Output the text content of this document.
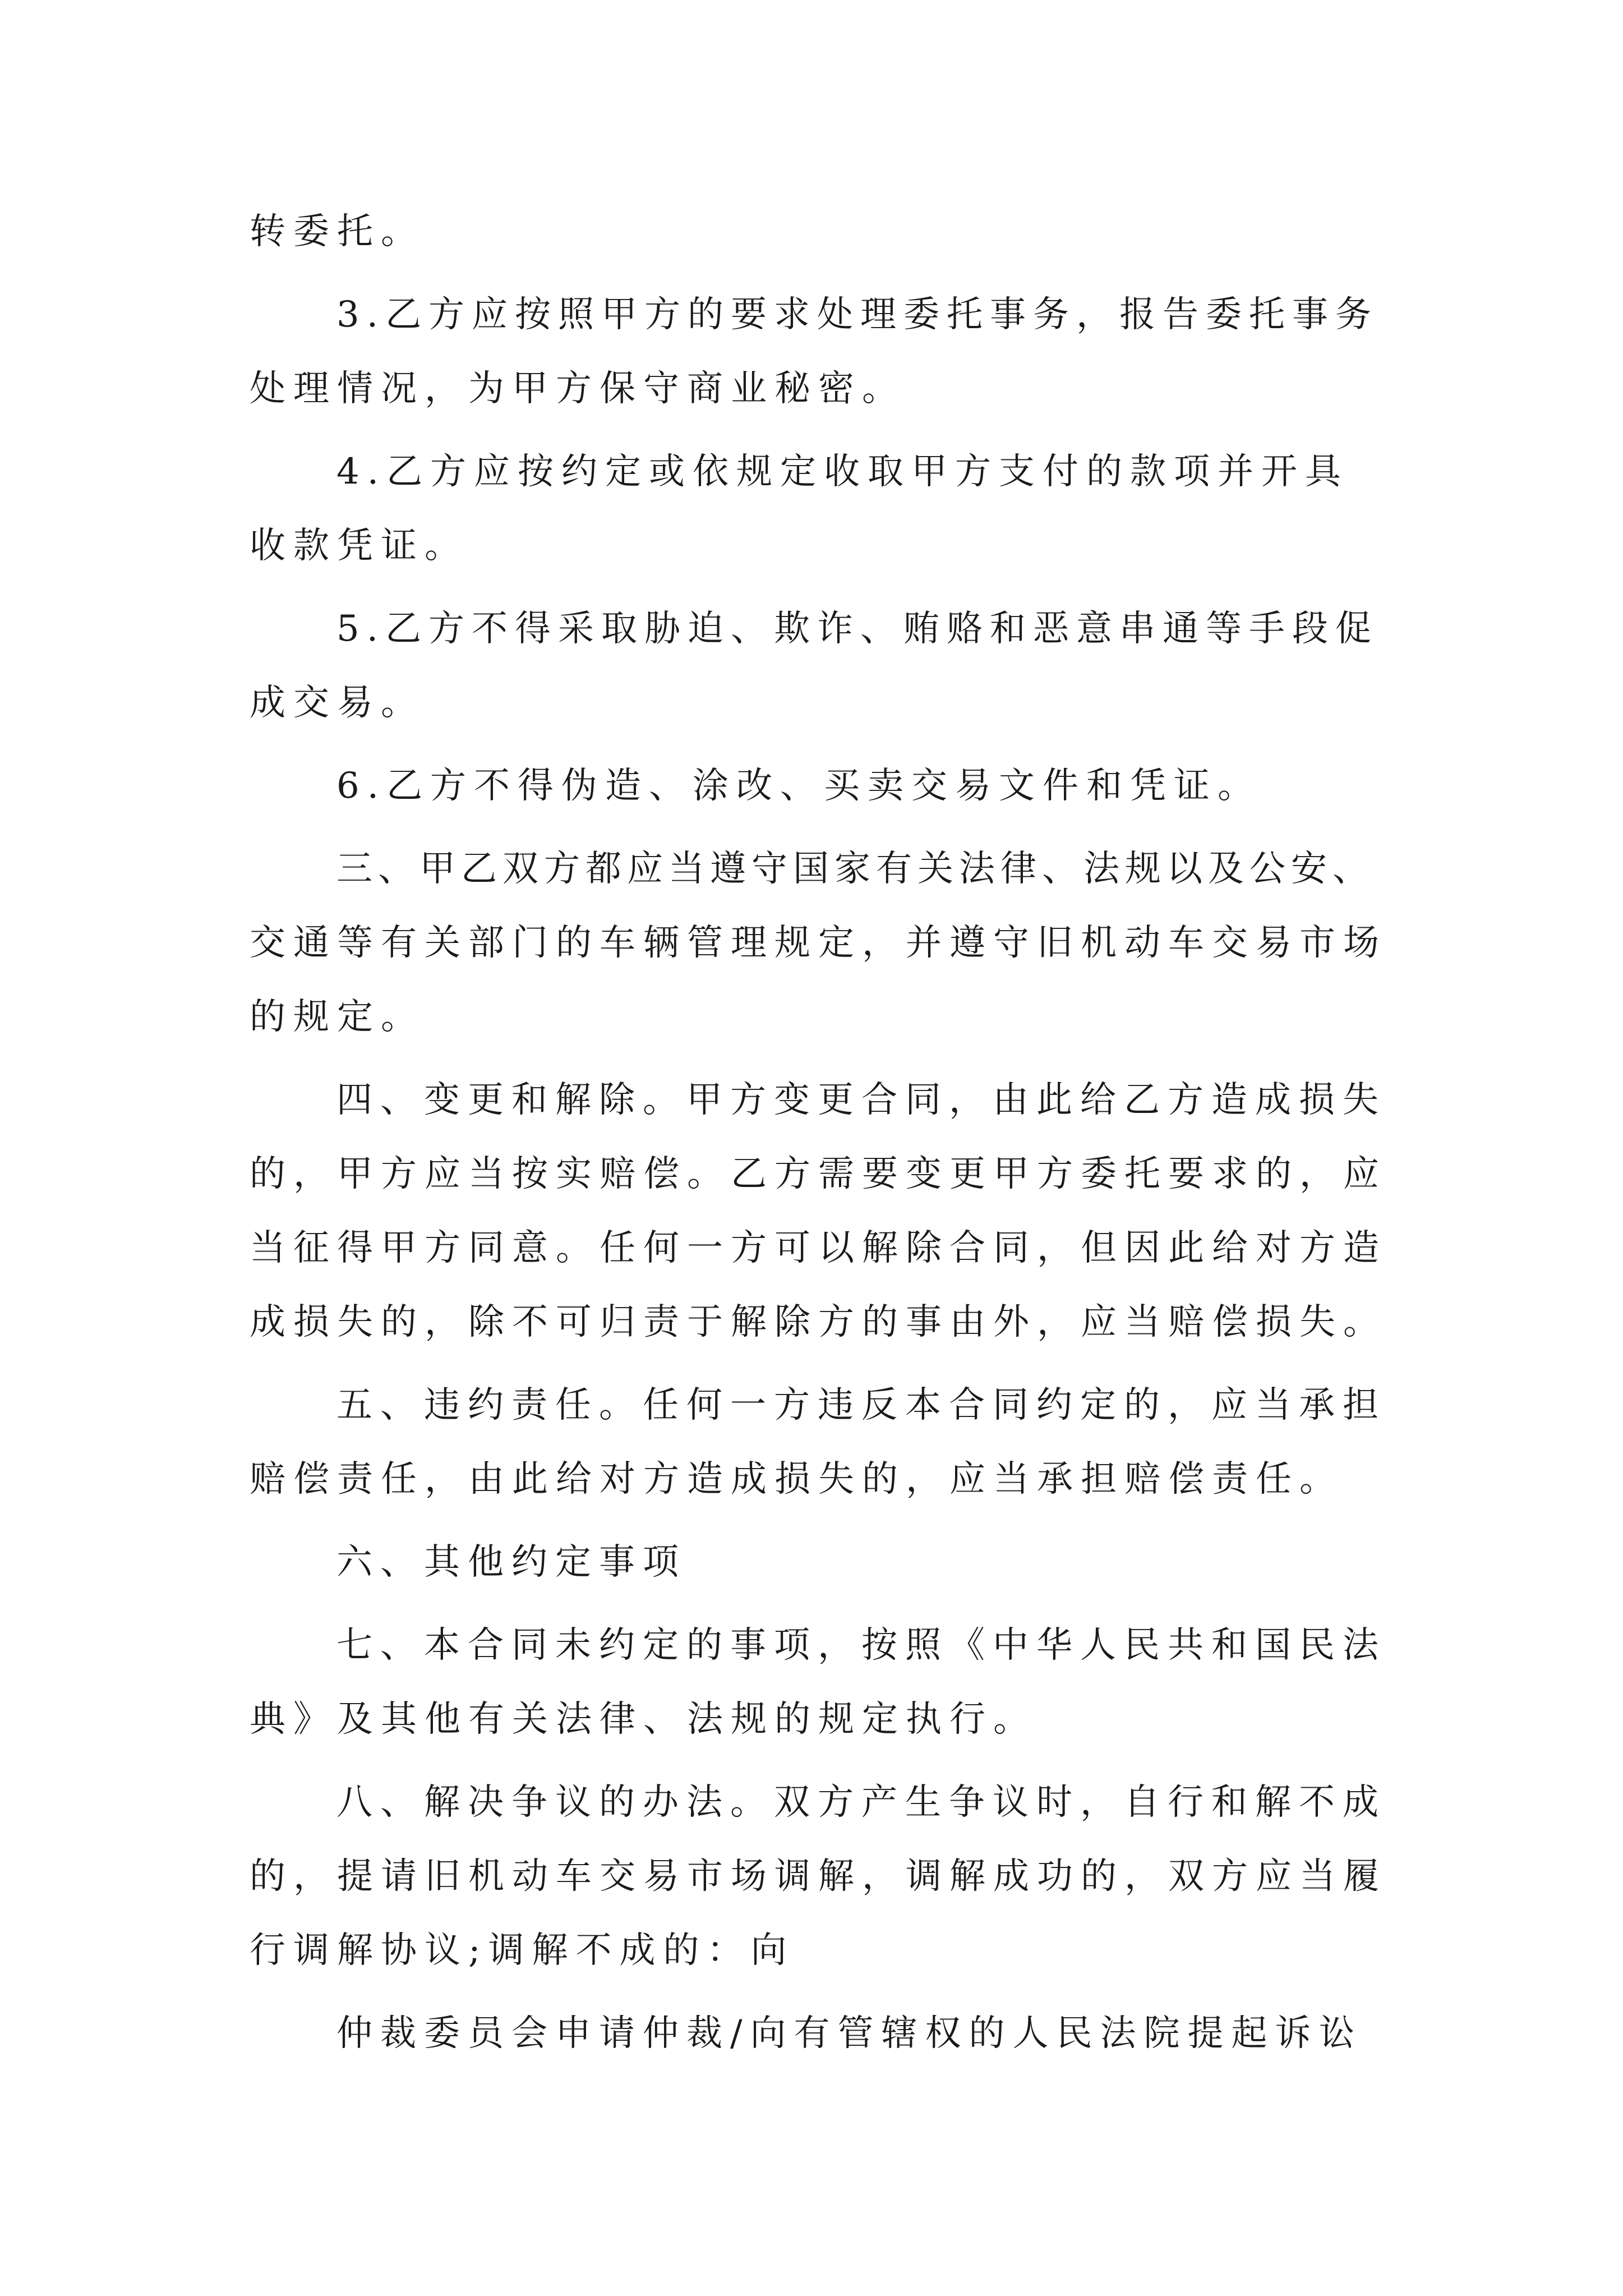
转委托。
3.乙方应按照甲方的要求处理委托事务，报告委托事务
处理情况，为甲方保守商业秘密。
4.乙方应按约定或依规定收取甲方支付的款项并开具
收款凭证。
5.乙方不得采取胁迫、欺诈、贿赂和恶意串通等手段促
成交易。
6.乙方不得伪造、涂改、买卖交易文件和凭证。
三、甲乙双方都应当遵守国家有关法律、法规以及公安、
交通等有关部门的车辆管理规定，并遵守旧机动车交易市场
的规定。
四、变更和解除。甲方变更合同，由此给乙方造成损失
的，甲方应当按实赔偿。乙方需要变更甲方委托要求的，应
当征得甲方同意。任何一方可以解除合同，但因此给对方造
成损失的，除不可归责于解除方的事由外，应当赔偿损失。
五、违约责任。任何一方违反本合同约定的，应当承担
赔偿责任，由此给对方造成损失的，应当承担赔偿责任。
六、其他约定事项
七、本合同未约定的事项，按照《中华人民共和国民法
典》及其他有关法律、法规的规定执行。
八、解决争议的办法。双方产生争议时，自行和解不成
的，提请旧机动车交易市场调解，调解成功的，双方应当履
行调解协议;调解不成的：向
仲裁委员会申请仲裁/向有管辖权的人民法院提起诉讼
